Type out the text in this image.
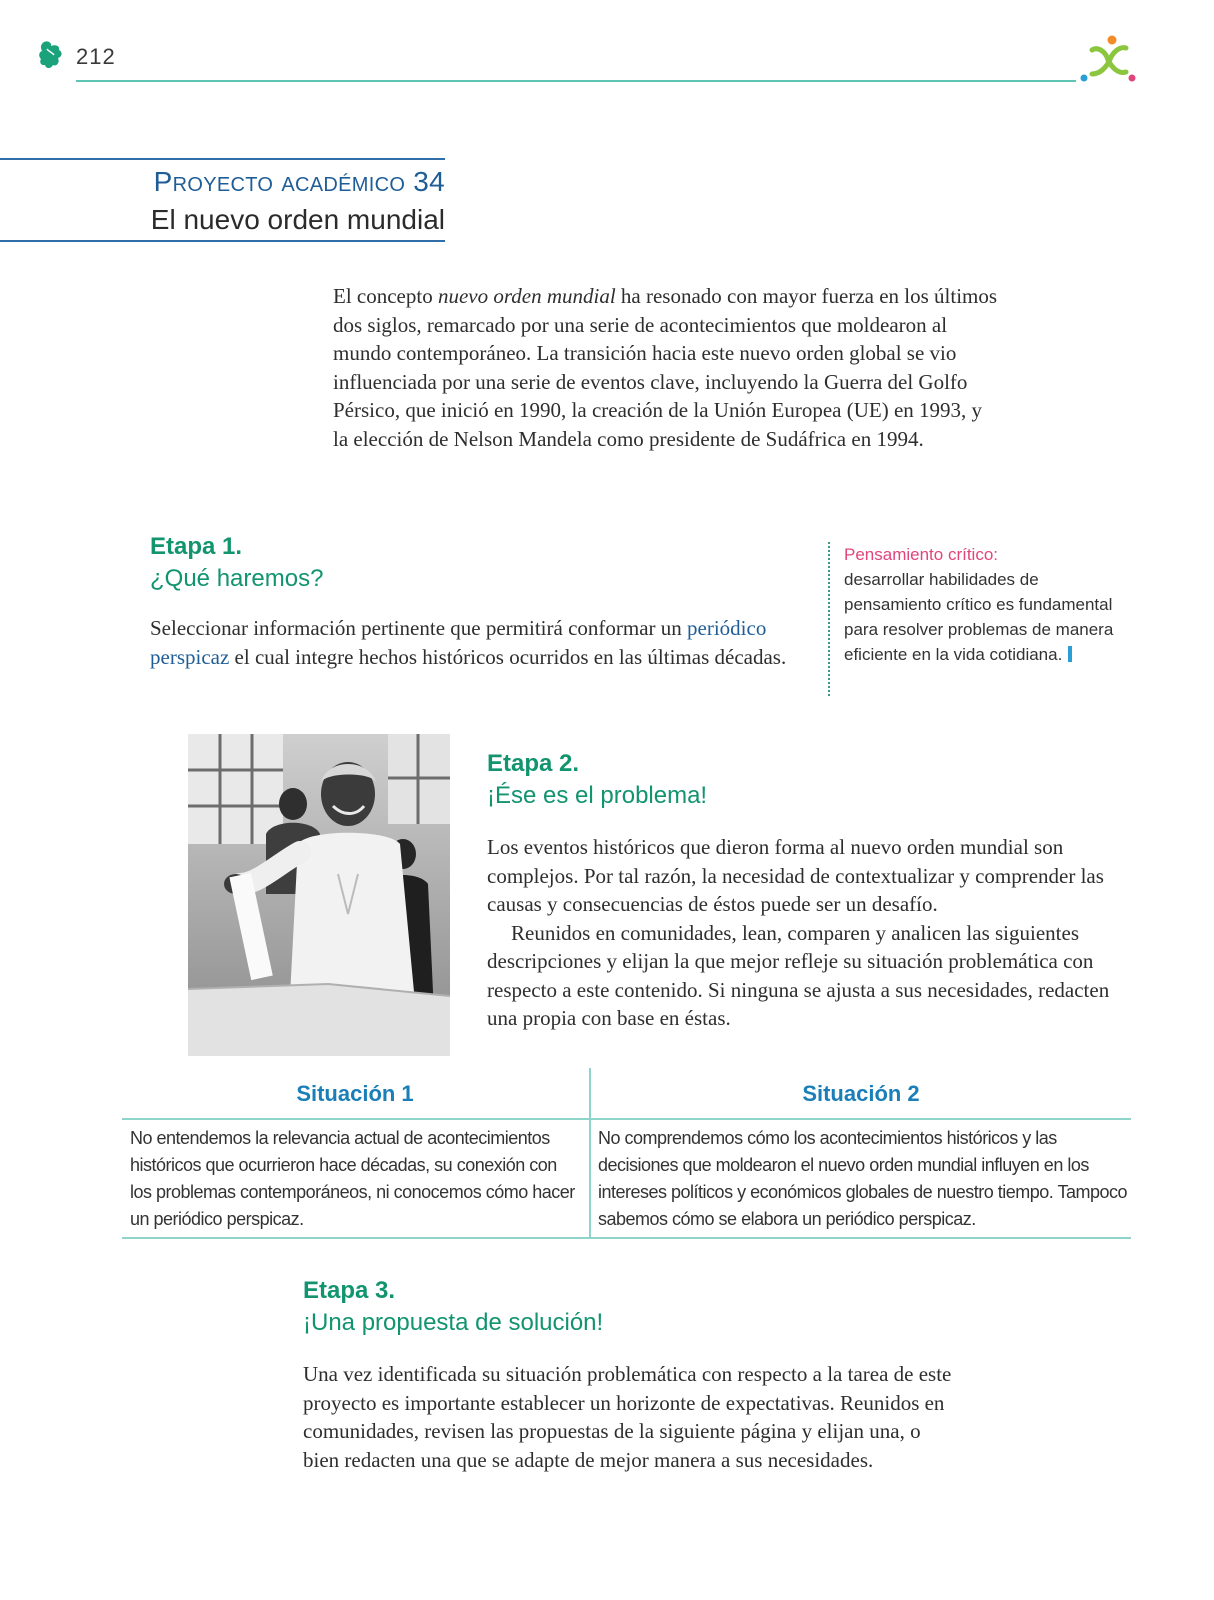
212
Proyecto académico 34
El nuevo orden mundial

El concepto nuevo orden mundial ha resonado con mayor fuerza en los últimos dos siglos, remarcado por una serie de acontecimientos que moldearon al mundo contemporáneo. La transición hacia este nuevo orden global se vio influenciada por una serie de eventos clave, incluyendo la Guerra del Golfo Pérsico, que inició en 1990, la creación de la Unión Europea (UE) en 1993, y la elección de Nelson Mandela como presidente de Sudáfrica en 1994.

Etapa 1.

¿Qué haremos?

Seleccionar información pertinente que permitirá conformar un periódico perspicaz el cual integre hechos históricos ocurridos en las últimas décadas.

Pensamiento crítico:
desarrollar habilidades de pensamiento crítico es fundamental para resolver problemas de manera eficiente en la vida cotidiana.

Etapa 2.

¡Ése es el problema!

Los eventos históricos que dieron forma al nuevo orden mundial son complejos. Por tal razón, la necesidad de contextualizar y comprender las causas y consecuencias de éstos puede ser un desafío.

Reunidos en comunidades, lean, comparen y analicen las siguientes descripciones y elijan la que mejor refleje su situación problemática con respecto a este contenido. Si ninguna se ajusta a sus necesidades, redacten una propia con base en éstas.

Situación 1	Situación 2

No entendemos la relevancia actual de acontecimientos históricos que ocurrieron hace décadas, su conexión con los problemas contemporáneos, ni conocemos cómo hacer un periódico perspicaz.

No comprendemos cómo los acontecimientos históricos y las decisiones que moldearon el nuevo orden mundial influyen en los intereses políticos y económicos globales de nuestro tiempo. Tampoco sabemos cómo se elabora un periódico perspicaz.

Etapa 3.

¡Una propuesta de solución!

Una vez identificada su situación problemática con respecto a la tarea de este proyecto es importante establecer un horizonte de expectativas. Reunidos en comunidades, revisen las propuestas de la siguiente página y elijan una, o bien redacten una que se adapte de mejor manera a sus necesidades.
